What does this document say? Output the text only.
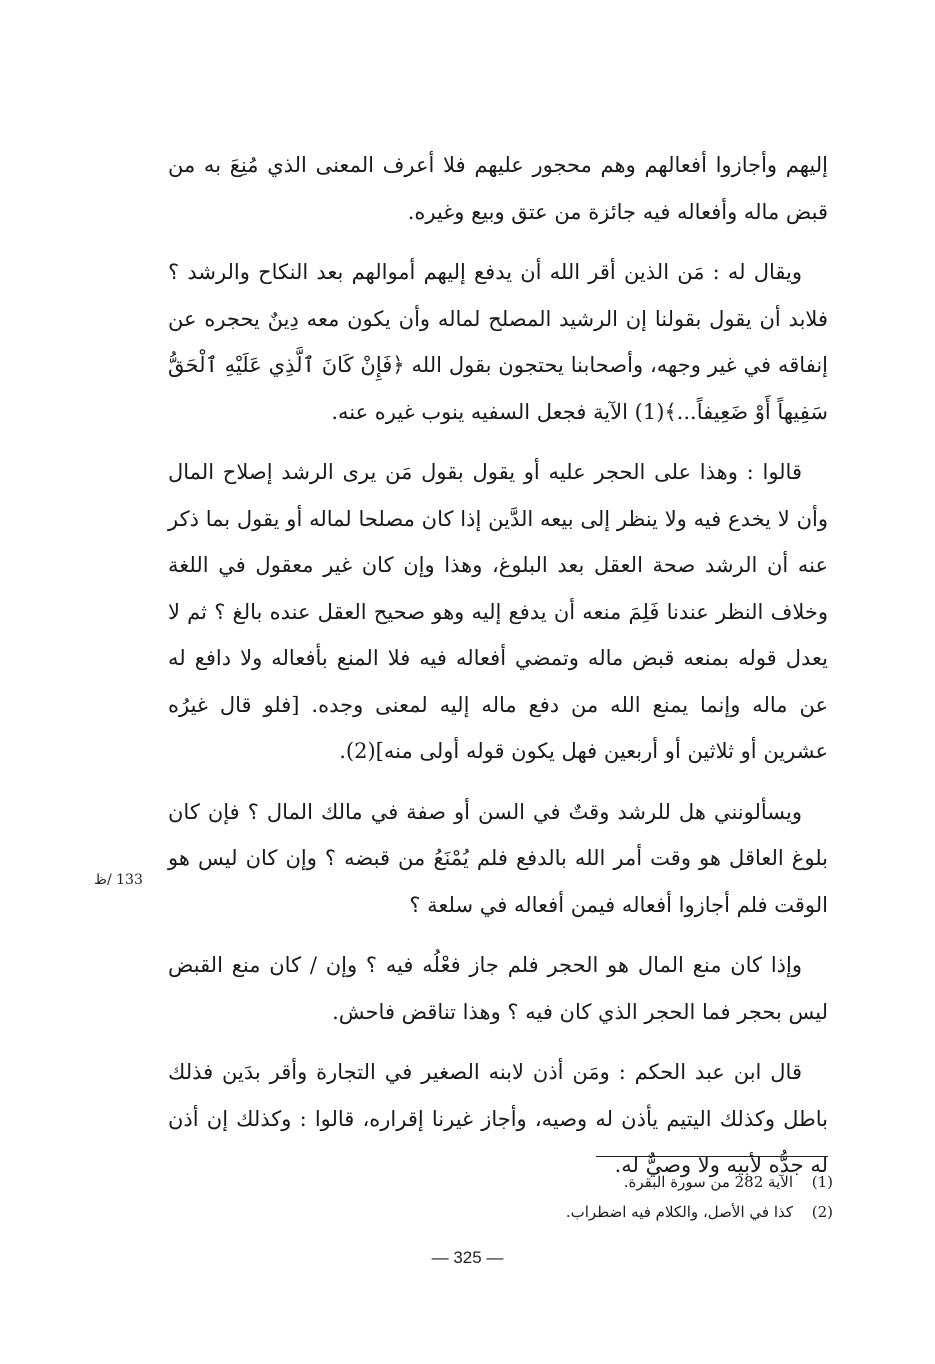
إليهم وأجازوا أفعالهم وهم محجور عليهم فلا أعرف المعنى الذي مُنِعَ به من قبض ماله وأفعاله فيه جائزة من عتق وبيع وغيره.

ويقال له : مَن الذين أقر الله أن يدفع إليهم أموالهم بعد النكاح والرشد ؟ فلابد أن يقول بقولنا إن الرشيد المصلح لماله وأن يكون معه دِينٌ يحجره عن إنفاقه في غير وجهه، وأصحابنا يحتجون بقول الله ﴿فَإِنْ كَانَ ٱلَّذِي عَلَيْهِ ٱلْحَقُّ سَفِيهاً أَوْ ضَعِيفاً...﴾(1) الآية فجعل السفيه ينوب غيره عنه.

قالوا : وهذا على الحجر عليه أو يقول بقول مَن يرى الرشد إصلاح المال وأن لا يخدع فيه ولا ينظر إلى بيعه الدَّين إذا كان مصلحا لماله أو يقول بما ذكر عنه أن الرشد صحة العقل بعد البلوغ، وهذا وإن كان غير معقول في اللغة وخلاف النظر عندنا فَلِمَ منعه أن يدفع إليه وهو صحيح العقل عنده بالغ ؟ ثم لا يعدل قوله بمنعه قبض ماله وتمضي أفعاله فيه فلا المنع بأفعاله ولا دافع له عن ماله وإنما يمنع الله من دفع ماله إليه لمعنى وجده. [فلو قال غيرُه عشرين أو ثلاثين أو أربعين فهل يكون قوله أولى منه](2).

ويسألونني هل للرشد وقتٌ في السن أو صفة في مالك المال ؟ فإن كان بلوغ العاقل هو وقت أمر الله بالدفع فلم يُمْنَعُ من قبضه ؟ وإن كان ليس هو الوقت فلم أجازوا أفعاله فيمن أفعاله في سلعة ؟

وإذا كان منع المال هو الحجر فلم جاز فعْلُه فيه ؟ وإن / كان منع القبض ليس بحجر فما الحجر الذي كان فيه ؟ وهذا تناقض فاحش.

قال ابن عبد الحكم : ومَن أذن لابنه الصغير في التجارة وأقر بدَين فذلك باطل وكذلك اليتيم يأذن له وصيه، وأجاز غيرنا إقراره، قالوا : وكذلك إن أذن له جدُّه لأبيه ولا وصيٌّ له.

133 /ظ
(1)
الآية 282 من سورة البقرة.
(2)
كذا في الأصل، والكلام فيه اضطراب.
— 325 —
